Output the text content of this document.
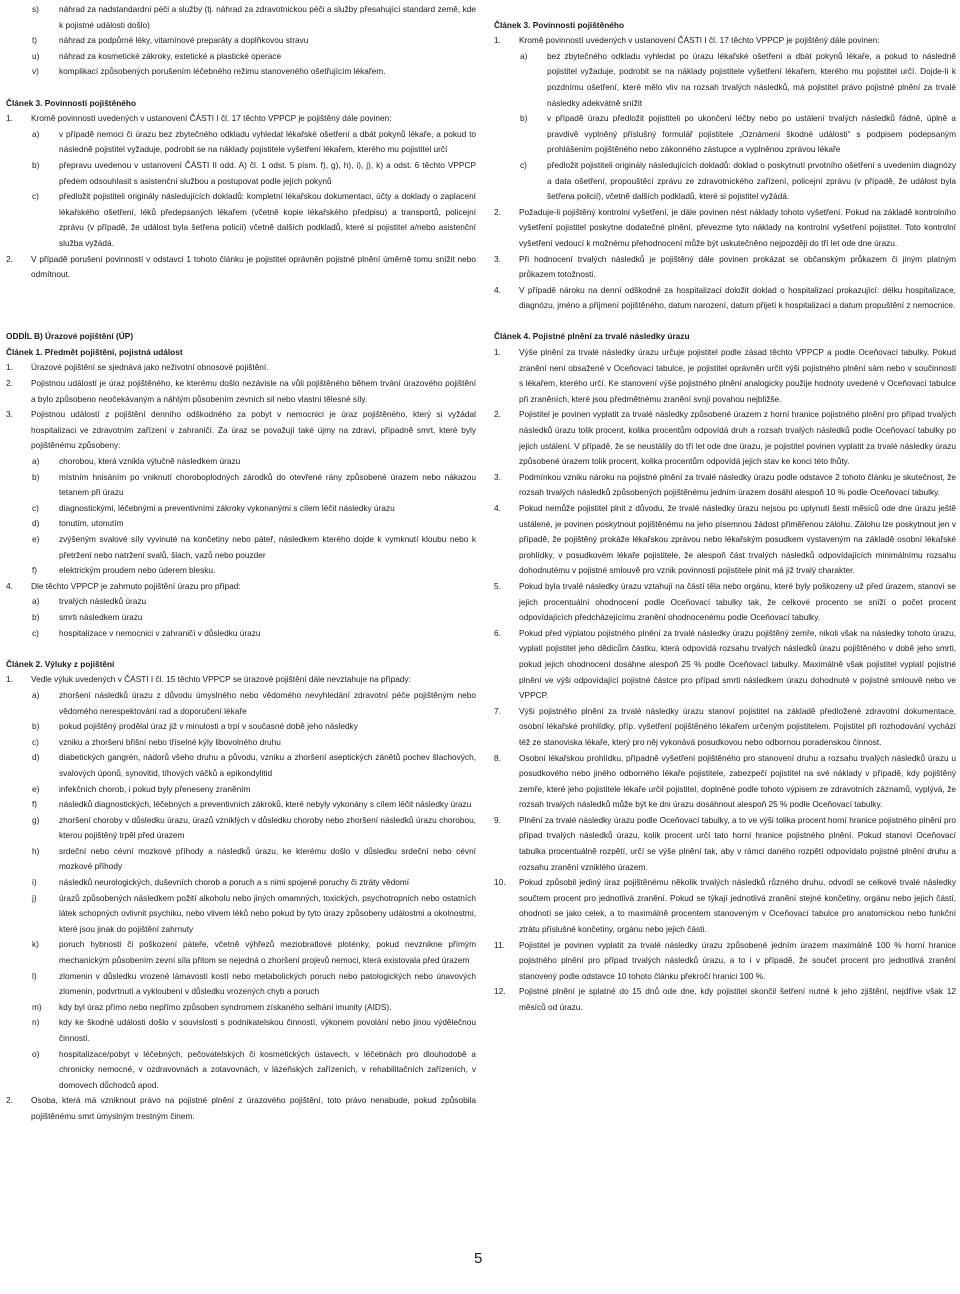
s)	náhrad za nadstandardní péči a služby (tj. náhrad za zdravotnickou péči a služby přesahující standard země, kde k pojistné události došlo)
t)	náhrad za podpůrné léky, vitamínové preparáty a doplňkovou stravu
u)	náhrad za kosmetické zákroky, estetické a plastické operace
v)	komplikací způsobených porušením léčebného režimu stanoveného ošetřujícím lékařem.
Článek 3. Povinnosti pojištěného
1.	Kromě povinností uvedených v ustanovení ČÁSTI I čl. 17 těchto VPPCP je pojištěný dále povinen:
a)	v případě nemoci či úrazu bez zbytečného odkladu vyhledat lékařské ošetření a dbát pokynů lékaře, a pokud to následně pojistitel vyžaduje, podrobit se na náklady pojistitele vyšetření lékařem, kterého mu pojistitel určí
b)	přepravu uvedenou v ustanovení ČÁSTI II odd. A) čl. 1 odst. 5 písm. f), g), h), i), j), k) a odst. 6 těchto VPPCP předem odsouhlasit s asistenční službou a postupovat podle jejích pokynů
c)	předložit pojistiteli originály následujících dokladů: kompletní lékařskou dokumentaci, účty a doklady o zaplacení lékařského ošetření, léků předepsaných lékařem (včetně kopie lékařského předpisu) a transportů, policejní zprávu (v případě, že událost byla šetřena policií) včetně dalších podkladů, které si pojistitel a/nebo asistenční služba vyžádá.
2.	V případě porušení povinností v odstavci 1 tohoto článku je pojistitel oprávněn pojistné plnění úměrně tomu snížit nebo odmítnout.
ODDÍL B) Úrazové pojištění (ÚP)
Článek 1. Předmět pojištění, pojistná událost
1.	Úrazové pojištění se sjednává jako neživotní obnosové pojištění.
2.	Pojistnou událostí je úraz pojištěného, ke kterému došlo nezávisle na vůli pojištěného během trvání úrazového pojištění a bylo způsobeno neočekávaným a náhlým působením zevních sil nebo vlastní tělesné síly.
3.	Pojistnou událostí z pojištění denního odškodného za pobyt v nemocnici je úraz pojištěného, který si vyžádal hospitalizaci ve zdravotním zařízení v zahraničí. Za úraz se považují také újmy na zdraví, případně smrt, které byly pojištěnému způsobeny:
a)	chorobou, která vznikla výlučně následkem úrazu
b)	místním hnisáním po vniknutí choroboplodných zárodků do otevřené rány způsobené úrazem nebo nákazou tetanem při úrazu
c)	diagnostickými, léčebnými a preventivními zákroky vykonanými s cílem léčit následky úrazu
d)	tonutím, utonutím
e)	zvýšeným svalové síly vyvinuté na končetiny nebo páteř, následkem kterého dojde k vymknutí kloubu nebo k přetržení nebo natržení svalů, šlach, vazů nebo pouzder
f)	elektrickým proudem nebo úderem blesku.
4.	Dle těchto VPPCP je zahrnuto pojištění úrazu pro případ:
a)	trvalých následků úrazu
b)	smrti následkem úrazu
c)	hospitalizace v nemocnici v zahraničí v důsledku úrazu
Článek 2. Výluky z pojištění
1.	Vedle výluk uvedených v ČÁSTI I čl. 15 těchto VPPCP se úrazové pojištění dále nevztahuje na případy:
a)	zhoršení následků úrazu z důvodu úmyslného nebo vědomého nevyhledání zdravotní péče pojištěným nebo vědomého nerespektování rad a doporučení lékaře
b)	pokud pojištěný prodělal úraz již v minulosti a trpí v současné době jeho následky
c)	vzniku a zhoršení břišní nebo tříselné kýly libovolného druhu
d)	diabetických gangrén, nádorů všeho druhu a původu, vzniku a zhoršení aseptických zánětů pochev šlachových, svalových úponů, synovitid, tíhových váčků a epikondylitid
e)	infekčních chorob, i pokud byly přeneseny zraněním
f)	následků diagnostických, léčebných a preventivních zákroků, které nebyly vykonány s cílem léčit následky úrazu
g)	zhoršení choroby v důsledku úrazu, úrazů vzniklých v důsledku choroby nebo zhoršení následků úrazu chorobou, kterou pojištěný trpěl před úrazem
h)	srdeční nebo cévní mozkové příhody a následků úrazu, ke kterému došlo v důsledku srdeční nebo cévní mozkové příhody
i)	následků neurologických, duševních chorob a poruch a s nimi spojené poruchy či ztráty vědomí
j)	úrazů způsobených následkem požití alkoholu nebo jiných omamných, toxických, psychotropních nebo ostatních látek schopných ovlivnit psychiku, nebo vlivem léků nebo pokud by tyto úrazy způsobeny událostmi a okolnostmi, které jsou jinak do pojištění zahrnuty
k)	poruch hybnosti či poškození páteře, včetně výhřezů meziobratlové ploténky, pokud nevznikne přímým mechanickým působením zevní síla přitom se nejedná o zhoršení projevů nemoci, která existovala před úrazem
l)	zlomenin v důsledku vrozené lámavosti kostí nebo metabolických poruch nebo patologických nebo únavových zlomenin, podvrtnutí a vykloubení v důsledku vrozených chyb a poruch
m)	kdy byl úraz přímo nebo nepřímo způsoben syndromem získaného selhání imunity (AIDS).
n)	kdy ke škodné události došlo v souvislosti s podnikatelskou činností, výkonem povolání nebo jinou výdělečnou činností.
o)	hospitalizace/pobyt v léčebných, pečovatelských či kosmetických ústavech, v léčebnách pro dlouhodobě a chronicky nemocné, v ozdravovnách a zotavovnách, v lázeňských zařízeních, v rehabilitačních zařízeních, v domovech důchodců apod.
2.	Osoba, která má vzniknout právo na pojistné plnění z úrazového pojištění, toto právo nenabude, pokud způsobila pojištěnému smrt úmyslným trestným činem.
Článek 3. Povinnosti pojištěného
1.	Kromě povinností uvedených v ustanovení ČÁSTI I čl. 17 těchto VPPCP je pojištěný dále povinen:
a)	bez zbytečného odkladu vyhledat po úrazu lékařské ošetření a dbát pokynů lékaře, a pokud to následně pojistitel vyžaduje, podrobit se na náklady pojistitele vyšetření lékařem, kterého mu pojistitel určí. Dojde-li k pozdnímu ošetření, které mělo vliv na rozsah trvalých následků, má pojistitel právo pojistné plnění za trvalé následky adekvátně snížit
b)	v případě úrazu předložit pojistiteli po ukončení léčby nebo po ustálení trvalých následků řádně, úplně a pravdivě vyplněný příslušný formulář pojistitele „Oznámení škodné události“ s podpisem podepsaným prohlášením pojištěného nebo zákonného zástupce a vyplněnou zprávou lékaře
c)	předložit pojistiteli originály následujících dokladů: doklad o poskytnutí prvotního ošetření s uvedením diagnózy a data ošetření, propouštěcí zprávu ze zdravotnického zařízení, policejní zprávu (v případě, že událost byla šetřena policií), včetně dalších podkladů, které si pojistitel vyžádá.
2.	Požaduje-li pojištěný kontrolní vyšetření, je dále povinen nést náklady tohoto vyšetření. Pokud na základě kontrolního vyšetření pojistitel poskytne dodatečné plnění, převezme tyto náklady na kontrolní vyšetření pojistitel. Toto kontrolní vyšetření vedoucí k možnému přehodnocení může být uskutečněno nejpozději do tří let ode dne úrazu.
3.	Při hodnocení trvalých následků je pojištěný dále povinen prokázat se občanským průkazem či jiným platným průkazem totožnosti.
4.	V případě nároku na denní odškodné za hospitalizaci doložit doklad o hospitalizaci prokazující: délku hospitalizace, diagnózu, jméno a příjmení pojištěného, datum narození, datum přijetí k hospitalizaci a datum propuštění z nemocnice.
Článek 4. Pojistné plnění za trvalé následky úrazu
1.	Výše plnění za trvalé následky úrazu určuje pojistitel podle zásad těchto VPPCP a podle Oceňovací tabulky. Pokud zranění není obsažené v Oceňovací tabulce, je pojistitel oprávněn určit výši pojistného plnění sám nebo v součinnosti s lékařem, kterého určí. Ke stanovení výše pojistného plnění analogicky použije hodnoty uvedené v Oceňovací tabulce při zraněních, které jsou předmětnému zranění svojí povahou nejbližše.
2.	Pojistitel je povinen vyplatit za trvalé následky způsobené úrazem z horní hranice pojistného plnění pro případ trvalých následků úrazu tolik procent, kolika procentům odpovídá druh a rozsah trvalých následků podle Oceňovací tabulky po jejich ustálení. V případě, že se neustálily do tří let ode dne úrazu, je pojistitel povinen vyplatit za trvalé následky úrazu způsobené úrazem tolik procent, kolika procentům odpovídá jejich stav ke konci této lhůty.
3.	Podmínkou vzniku nároku na pojistné plnění za trvalé následky úrazu podle odstavce 2 tohoto článku je skutečnost, že rozsah trvalých následků způsobených pojištěnému jedním úrazem dosáhl alespoň 10 % podle Oceňovací tabulky.
4.	Pokud nemůže pojistitel plnit z důvodu, že trvalé následky úrazu nejsou po uplynutí šesti měsíců ode dne úrazu ještě ustálené, je povinen poskytnout pojištěnému na jeho písemnou žádost přiměřenou zálohu. Zálohu lze poskytnout jen v případě, že pojištěný prokáže lékařskou zprávou nebo lékařským posudkem vystaveným na základě osobní lékařské prohlídky, v posudkovém lékaře pojistitele, že alespoň část trvalých následků odpovídajících minimálnímu rozsahu dohodnutému v pojistné smlouvě pro vznik povinnosti pojistitele plnit má již trvalý charakter.
5.	Pokud byla trvalé následky úrazu vztahují na částí těla nebo orgánu, které byly poškozeny už před úrazem, stanoví se jejich procentuální ohodnocení podle Oceňovací tabulky tak, že celkové procento se sníží o počet procent odpovídajících předcházejícímu zranění ohodnocenému podle Oceňovací tabulky.
6.	Pokud před výplatou pojistného plnění za trvalé následky úrazu pojištěný zemře, nikoli však na následky tohoto úrazu, vyplatí pojistitel jeho dědicům částku, která odpovídá rozsahu trvalých následků úrazu pojištěného v době jeho smrti, pokud jejich ohodnocení dosáhne alespoň 25 % podle Oceňovací tabulky. Maximálně však pojistitel vyplatí pojistné plnění ve výši odpovídající pojistné částce pro případ smrti následkem úrazu dohodnuté v pojistné smlouvě nebo ve VPPCP.
7.	Výši pojistného plnění za trvalé následky úrazu stanoví pojistitel na základě předložené zdravotní dokumentace, osobní lékařské prohlídky, příp. vyšetření pojištěného lékařem určeným pojistitelem. Pojistitel při rozhodování vychází též ze stanoviska lékaře, který pro něj vykonává posudkovou nebo odbornou poradenskou činnost.
8.	Osobní lékařskou prohlídku, případně vyšetření pojištěného pro stanovení druhu a rozsahu trvalých následků úrazu u posudkového nebo jiného odborného lékaře pojistitele, zabezpečí pojistitel na své náklady v případě, kdy pojištěný zemře, které jeho pojistitele lékaře určil pojistitel, doplněné podle tohoto výpisem ze zdravotních záznamů, vyplývá, že rozsah trvalých následků může být ke dni úrazu dosáhnout alespoň 25 % podle Oceňovací tabulky.
9.	Plnění za trvalé následky úrazu podle Oceňovací tabulky, a to ve výši tolika procent horní hranice pojistného plnění pro případ trvalých následků úrazu, kolik procent určí tato horní hranice pojistného plnění. Pokud stanoví Oceňovací tabulka procentuálně rozpětí, určí se výše plnění tak, aby v rámci daného rozpětí odpovídalo pojistné plnění druhu a rozsahu zranění vzniklého úrazem.
10.	Pokud způsobil jediný úraz pojištěnému několik trvalých následků různého druhu, odvodí se celkové trvalé následky součtem procent pro jednotlivá zranění. Pokud se týkají jednotlivá zranění stejné končetiny, orgánu nebo jejich částí, ohodnotí se jako celek, a to maximálně procentem stanoveným v Oceňovací tabulce pro anatomickou nebo funkční ztrátu příslušné končetiny, orgánu nebo jejich části.
11.	Pojistitel je povinen vyplatit za trvalé následky úrazu způsobené jedním úrazem maximálně 100 % horní hranice pojistného plnění pro případ trvalých následků úrazu, a to i v případě, že součet procent pro jednotlivá zranění stanovený podle odstavce 10 tohoto článku překročí hranici 100 %.
12.	Pojistné plnění je splatné do 15 dnů ode dne, kdy pojistitel skončil šetření nutné k jeho zjištění, nejdříve však 12 měsíců od úrazu.
5
